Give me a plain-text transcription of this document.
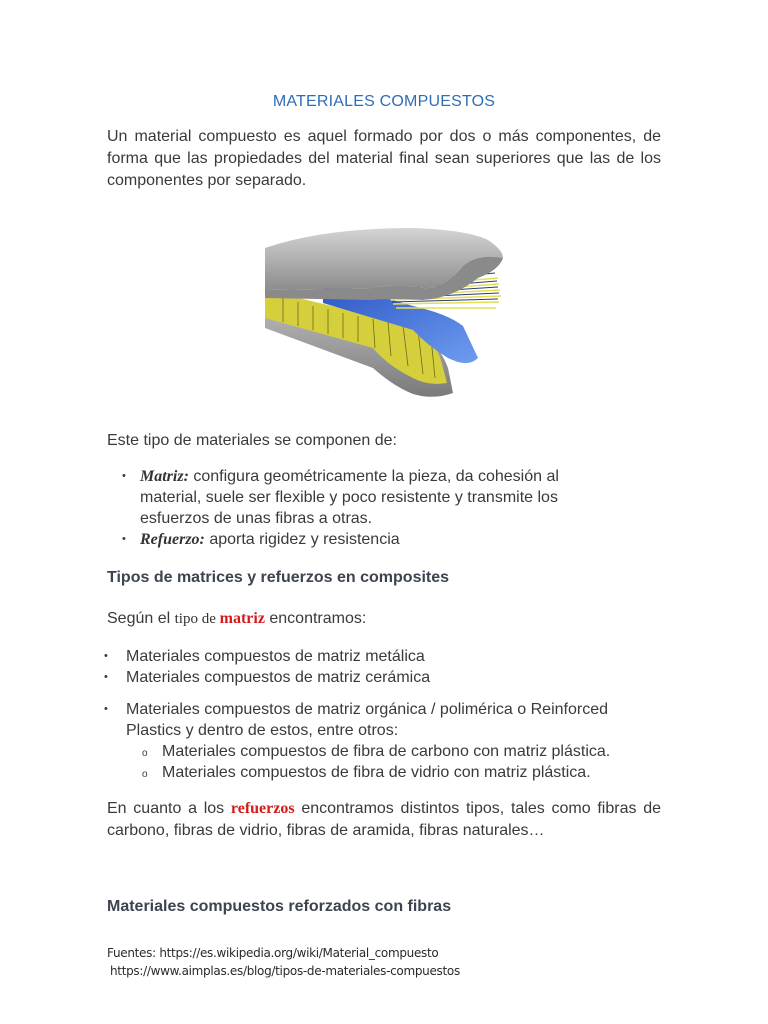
MATERIALES COMPUESTOS
Un material compuesto es aquel formado por dos o más componentes, de forma que las propiedades del material final sean superiores que las de los componentes por separado.
Este tipo de materiales se componen de:
• Matriz: configura geométricamente la pieza, da cohesión al material, suele ser flexible y poco resistente y transmite los esfuerzos de unas fibras a otras.
• Refuerzo: aporta rigidez y resistencia
Tipos de matrices y refuerzos en composites
Según el tipo de matriz encontramos:
• Materiales compuestos de matriz metálica
• Materiales compuestos de matriz cerámica
• Materiales compuestos de matriz orgánica / polimérica o Reinforced Plastics y dentro de estos, entre otros:
o Materiales compuestos de fibra de carbono con matriz plástica.
o Materiales compuestos de fibra de vidrio con matriz plástica.
En cuanto a los refuerzos encontramos distintos tipos, tales como fibras de carbono, fibras de vidrio, fibras de aramida, fibras naturales…
Materiales compuestos reforzados con fibras
Fuentes: https://es.wikipedia.org/wiki/Material_compuesto
https://www.aimplas.es/blog/tipos-de-materiales-compuestos
